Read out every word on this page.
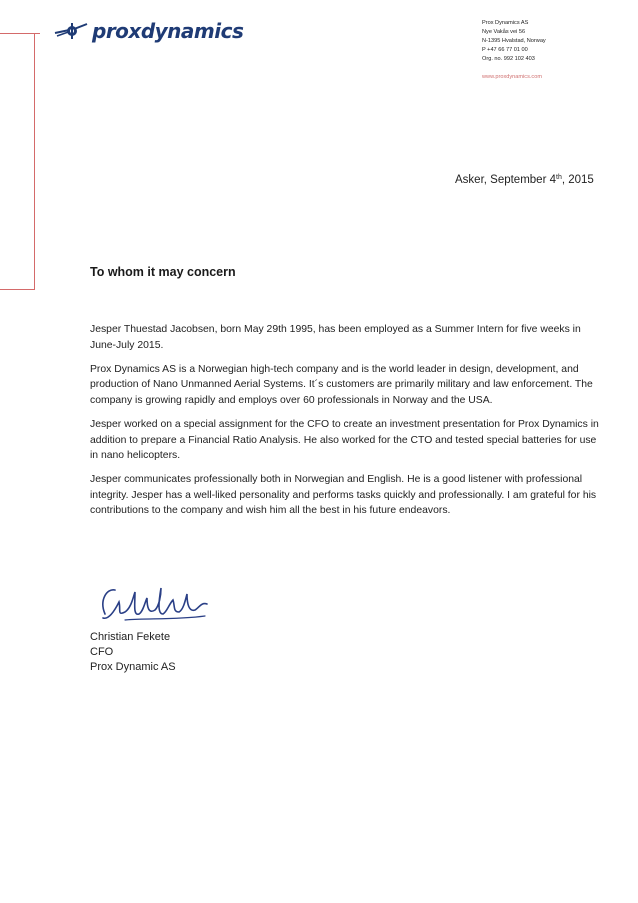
proxdynamics	Prox Dynamics AS
Nye Vakås vei 56
N-1395 Hvalstad, Norway
P +47 66 77 01 00
Org. no. 992 102 403
www.proxdynamics.com
Asker, September 4th, 2015
To whom it may concern

Jesper Thuestad Jacobsen, born May 29th 1995, has been employed as a Summer Intern for five weeks in June-July 2015.

Prox Dynamics AS is a Norwegian high-tech company and is the world leader in design, development, and production of Nano Unmanned Aerial Systems. It´s customers are primarily military and law enforcement. The company is growing rapidly and employs over 60 professionals in Norway and the USA.

Jesper worked on a special assignment for the CFO to create an investment presentation for Prox Dynamics in addition to prepare a Financial Ratio Analysis. He also worked for the CTO and tested special batteries for use in nano helicopters.

Jesper communicates professionally both in Norwegian and English. He is a good listener with professional integrity. Jesper has a well-liked personality and performs tasks quickly and professionally. I am grateful for his contributions to the company and wish him all the best in his future endeavors.

Christian Fekete
CFO
Prox Dynamic AS
